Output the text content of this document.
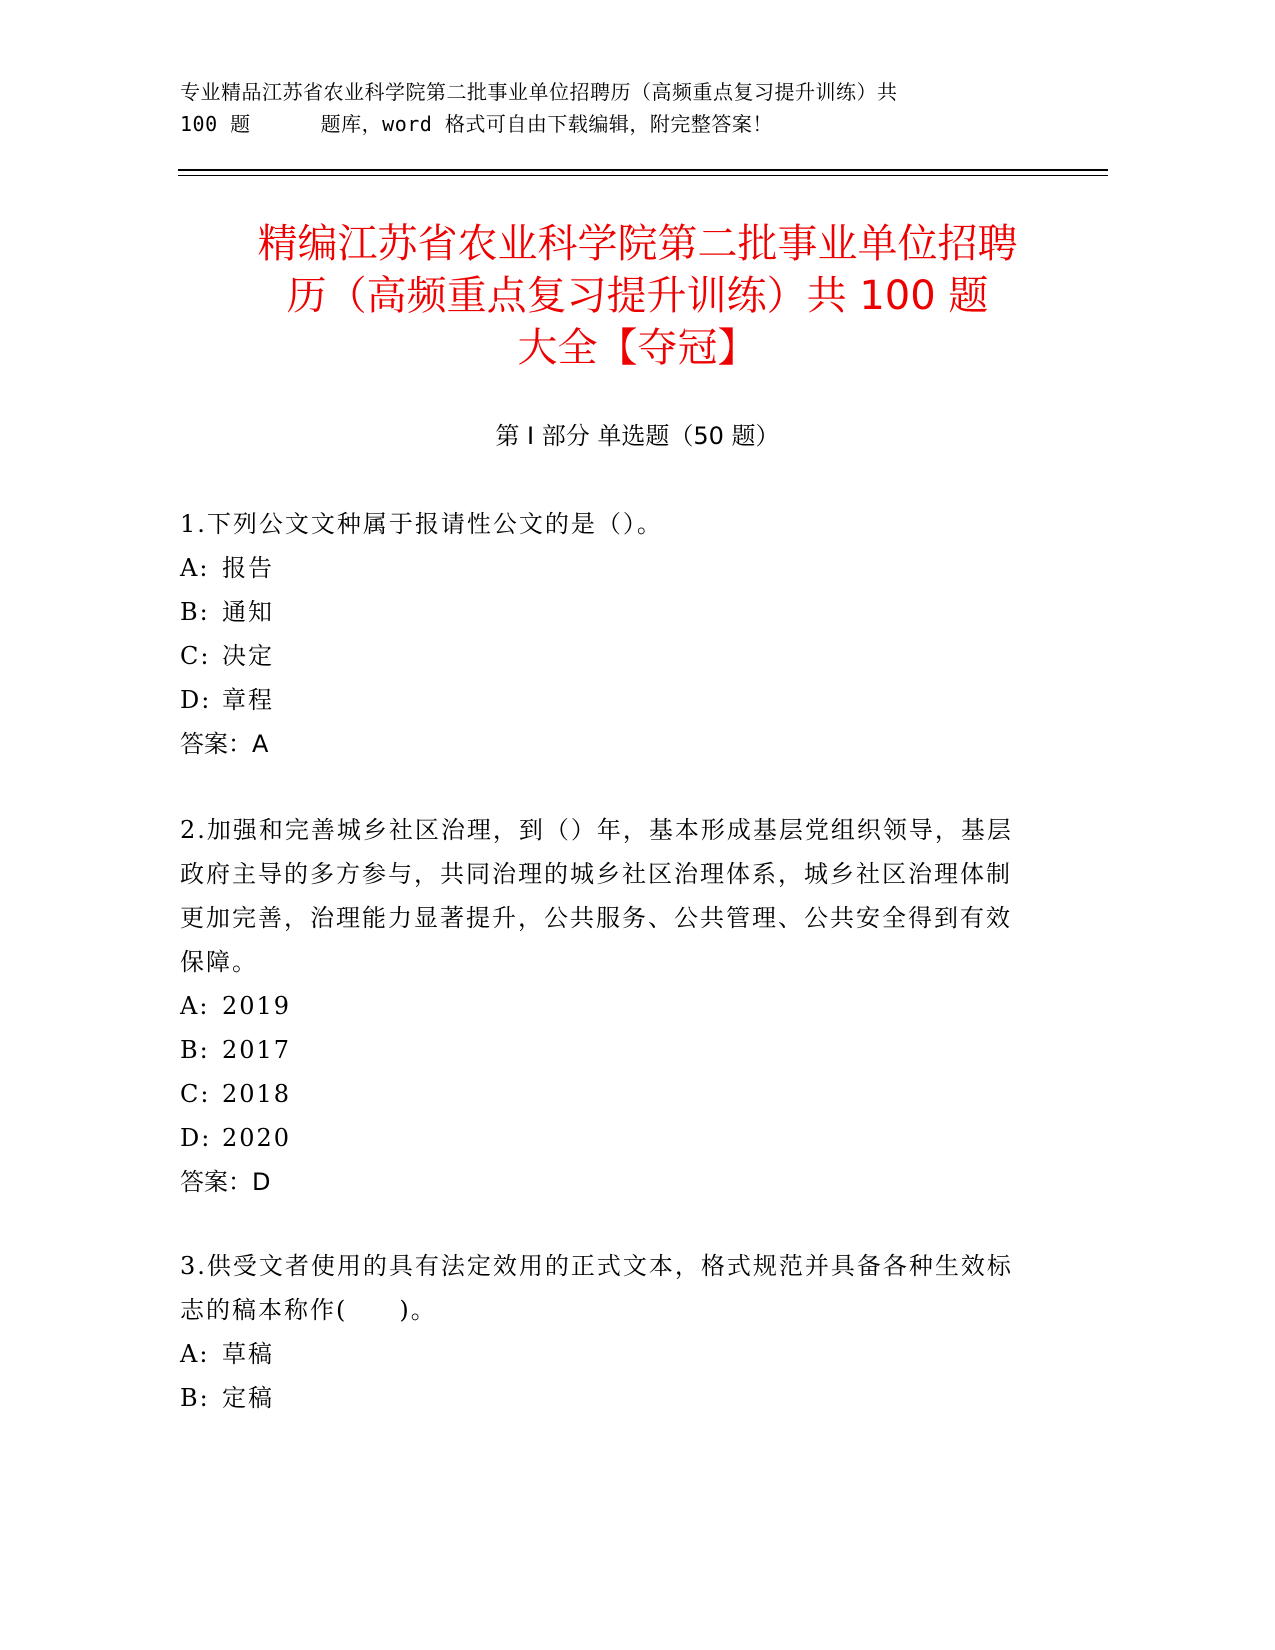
专业精品江苏省农业科学院第二批事业单位招聘历（高频重点复习提升训练）共
100 题	题库，word 格式可自由下载编辑，附完整答案！
精编江苏省农业科学院第二批事业单位招聘
历（高频重点复习提升训练）共 100 题
大全【夺冠】
第 I 部分 单选题（50 题）
1.下列公文文种属于报请性公文的是（）。
A: 报告
B: 通知
C: 决定
D: 章程
答案：A
2.加强和完善城乡社区治理，到（）年，基本形成基层党组织领导，基层政府主导的多方参与，共同治理的城乡社区治理体系，城乡社区治理体制更加完善，治理能力显著提升，公共服务、公共管理、公共安全得到有效保障。
A: 2019
B: 2017
C: 2018
D: 2020
答案：D
3.供受文者使用的具有法定效用的正式文本，格式规范并具备各种生效标志的稿本称作(　　)。
A: 草稿
B: 定稿
